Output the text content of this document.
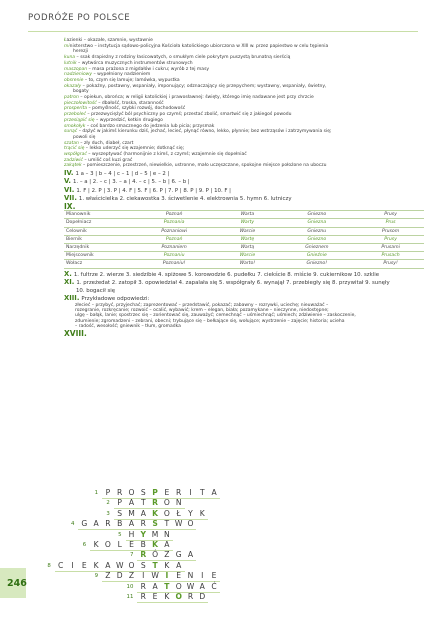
PODRÓŻE PO POLSCE

Łazienki – okazałe, szamnie, wystawnie

ministerstwo – instytucja sądowo-policyjna Kościoła katolickiego ubiorczona w XIII w. przez papiestwo w celu tępienia

herezji

kuna – ssak drapieżny z rodziny łasicowatych, o smukłym ciele pokrytym puszystą brunatną sierścią

lutnik – wytwórca muzycznych instrumentów strunowych

maszopan – masa prażona z migdałów i cukru; wyrób z tej masy

nadzieniowy – wypełniony nadzieniem

obsrenie – to, czym się lamuje; lamówka, wypustka

okazały – pokaźny, postawny, wspaniały, imponujący; odznaczający się przepychem; wystawny, wspaniały, świetny,

bogaty

patron – opiekun, obrońca; w religii katolickiej i prawosławnej: święty, którego imię nadawane jest przy chrzcie

pieczołowitość – dbałość, troska, staranność

prosperita – pomyślność, szybki rozwój, dochodowość

przeboleć – przezwyciężyć ból psychiczny po czymś; przestać zbolić, smartwić się z jakiegoś powodu

przesiąpić się – wyprzedzić, ketkin drugiego

smokołyk – coś bardzo smacznego do jedzenia lub picia; przysmak

sunąć – dążyć w jakimś kierunku dziś, jechać, lecieć, płynąć równo, lekko, płynnie; bez wstrząsów i zatrzymywania się;

powoli się

szatan – zły duch, diabeł, czart

trącić się – lekko uderzyć się wzajemnie; dotknąć się;

współgrać – wyszeptywać (harmonijnie z kimś, z czymś; wzajemnie się dopełniać

zadziwić – umilić coś kuzi grać

zakątek – pomieszczenie, przestrzeń, niewielkie, ustronne, mało uczęszczane, spokojne miejsce położone na uboczu

IV. 1 a – 3 | b – 4 | c – 1 | d – 5 | e – 2 |
V. 1. – a | 2. – c | 3. – a | 4. – c | 5. – b | 6. – b |
VI. 1. F | 2. P | 3. P | 4. F | 5. F | 6. P | 7. P | 8. P | 9. P | 10. F |
VII. 1. właścicielka 2. ciekawostka 3. ściwetlenie 4. elektrownia 5. hymn 6. lutniczy
IX.
Mianownik	Poznań	Warta	Gniezno	Prusy
Dopełniacz	Poznania	Warty	Gniezna	Prus
Celownik	Poznaniowi	Warcie	Gnieznu	Prusom
Biernik	Poznań	Wartę	Gniezno	Prusy
Narzędnik	Poznaniem	Wartą	Gnieznem	Prusami
Miejscownik	Poznaniu	Warcie	Gnieźnie	Prusach
Wołacz	Poznaniu!	Warto!	Gniezno!	Prusy!
X. 1. fultrze 2. wierze 3. siedzibie 4. spiżowe 5. korowodzie 6. pudełku 7. ciekście 8. miście 9. cukiernikow 10. szklie
XI. 1. przeżedat 2. zatopił 3. opowiedział 4. zapalała się 5. współgrały 6. wynajął 7. przebiegły się 8. przywitał 9. sunęły
10. bogacił się
XIII. Przykładowe odpowiedzi:
złecieć – przybyć, przyjechać; zaprezentować – przedstawić, pokazać; zabawny – rozrywki, uciechę; nieuważać –
rozegranie, rozkręcanie; rozwoić – ocalić, wybawić; krem – elegan, biała; pozamykane – nieczynne, niedostępne;
ulgę – bałąk, lanie; spostrzec się – zorientować się, zauważyć; cemechnąć – uśmiechnąć; uśmiech; zdziwienie – zaskoczenie,
zdumienie; zgromadzeni – zebrani, obecni; trybujące się – bełkające się, wołujące; wystrzenie – zajęcie; historia; ucieha
– radość, wesołość; gniewnik – tłum, gromadka
XVIII.
1 P R O S P E R	I	T A
2 P A T R O N
3 S M A K O Ł Y K
4 G A R B A R S T W O
5 H Y M N
6 K O L E B K A
7 R Ó Z G A
8 C	I	E K A W O S T K A
9 Z D Z	I W I	E N	I	E
10 R A T O W A Ć
11 R E K O R D
246
